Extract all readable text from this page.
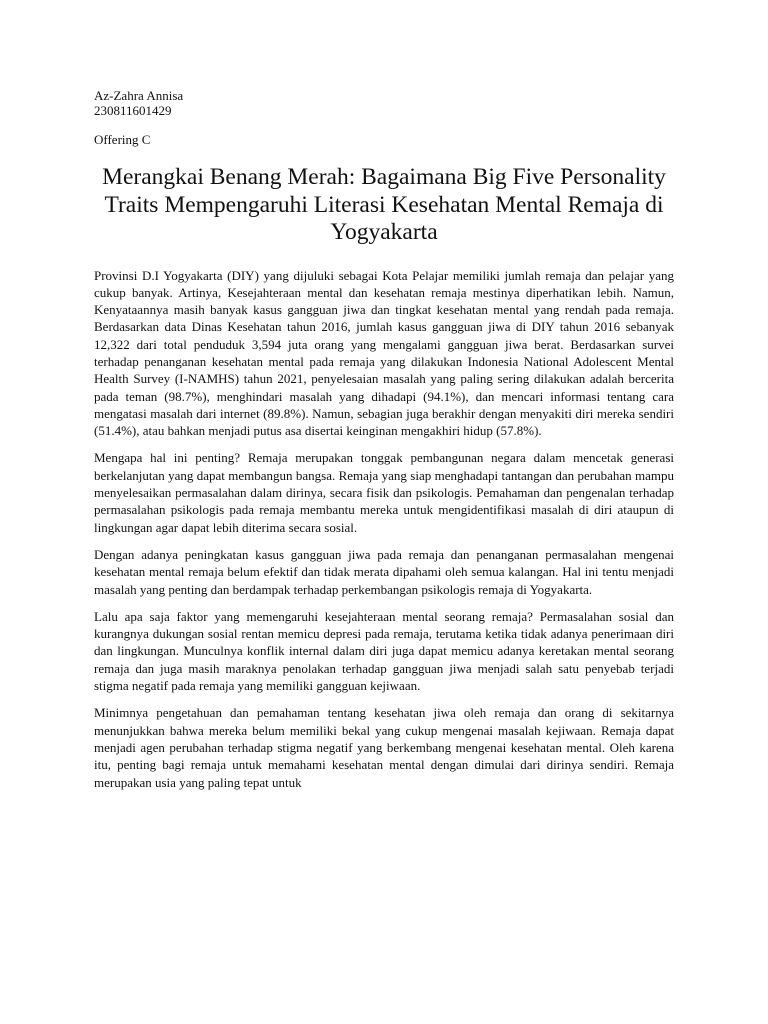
Az-Zahra Annisa

230811601429

Offering C

Merangkai Benang Merah: Bagaimana Big Five Personality Traits Mempengaruhi Literasi Kesehatan Mental Remaja di Yogyakarta

Provinsi D.I Yogyakarta (DIY) yang dijuluki sebagai Kota Pelajar memiliki jumlah remaja dan pelajar yang cukup banyak. Artinya, Kesejahteraan mental dan kesehatan remaja mestinya diperhatikan lebih. Namun, Kenyataannya masih banyak kasus gangguan jiwa dan tingkat kesehatan mental yang rendah pada remaja. Berdasarkan data Dinas Kesehatan tahun 2016, jumlah kasus gangguan jiwa di DIY tahun 2016 sebanyak 12,322 dari total penduduk 3,594 juta orang yang mengalami gangguan jiwa berat. Berdasarkan survei terhadap penanganan kesehatan mental pada remaja yang dilakukan Indonesia National Adolescent Mental Health Survey (I-NAMHS) tahun 2021, penyelesaian masalah yang paling sering dilakukan adalah bercerita pada teman (98.7%), menghindari masalah yang dihadapi (94.1%), dan mencari informasi tentang cara mengatasi masalah dari internet (89.8%). Namun, sebagian juga berakhir dengan menyakiti diri mereka sendiri (51.4%), atau bahkan menjadi putus asa disertai keinginan mengakhiri hidup (57.8%).

Mengapa hal ini penting? Remaja merupakan tonggak pembangunan negara dalam mencetak generasi berkelanjutan yang dapat membangun bangsa. Remaja yang siap menghadapi tantangan dan perubahan mampu menyelesaikan permasalahan dalam dirinya, secara fisik dan psikologis. Pemahaman dan pengenalan terhadap permasalahan psikologis pada remaja membantu mereka untuk mengidentifikasi masalah di diri ataupun di lingkungan agar dapat lebih diterima secara sosial.

Dengan adanya peningkatan kasus gangguan jiwa pada remaja dan penanganan permasalahan mengenai kesehatan mental remaja belum efektif dan tidak merata dipahami oleh semua kalangan. Hal ini tentu menjadi masalah yang penting dan berdampak terhadap perkembangan psikologis remaja di Yogyakarta.

Lalu apa saja faktor yang memengaruhi kesejahteraan mental seorang remaja? Permasalahan sosial dan kurangnya dukungan sosial rentan memicu depresi pada remaja, terutama ketika tidak adanya penerimaan diri dan lingkungan. Munculnya konflik internal dalam diri juga dapat memicu adanya keretakan mental seorang remaja dan juga masih maraknya penolakan terhadap gangguan jiwa menjadi salah satu penyebab terjadi stigma negatif pada remaja yang memiliki gangguan kejiwaan.

Minimnya pengetahuan dan pemahaman tentang kesehatan jiwa oleh remaja dan orang di sekitarnya menunjukkan bahwa mereka belum memiliki bekal yang cukup mengenai masalah kejiwaan. Remaja dapat menjadi agen perubahan terhadap stigma negatif yang berkembang mengenai kesehatan mental. Oleh karena itu, penting bagi remaja untuk memahami kesehatan mental dengan dimulai dari dirinya sendiri. Remaja merupakan usia yang paling tepat untuk
